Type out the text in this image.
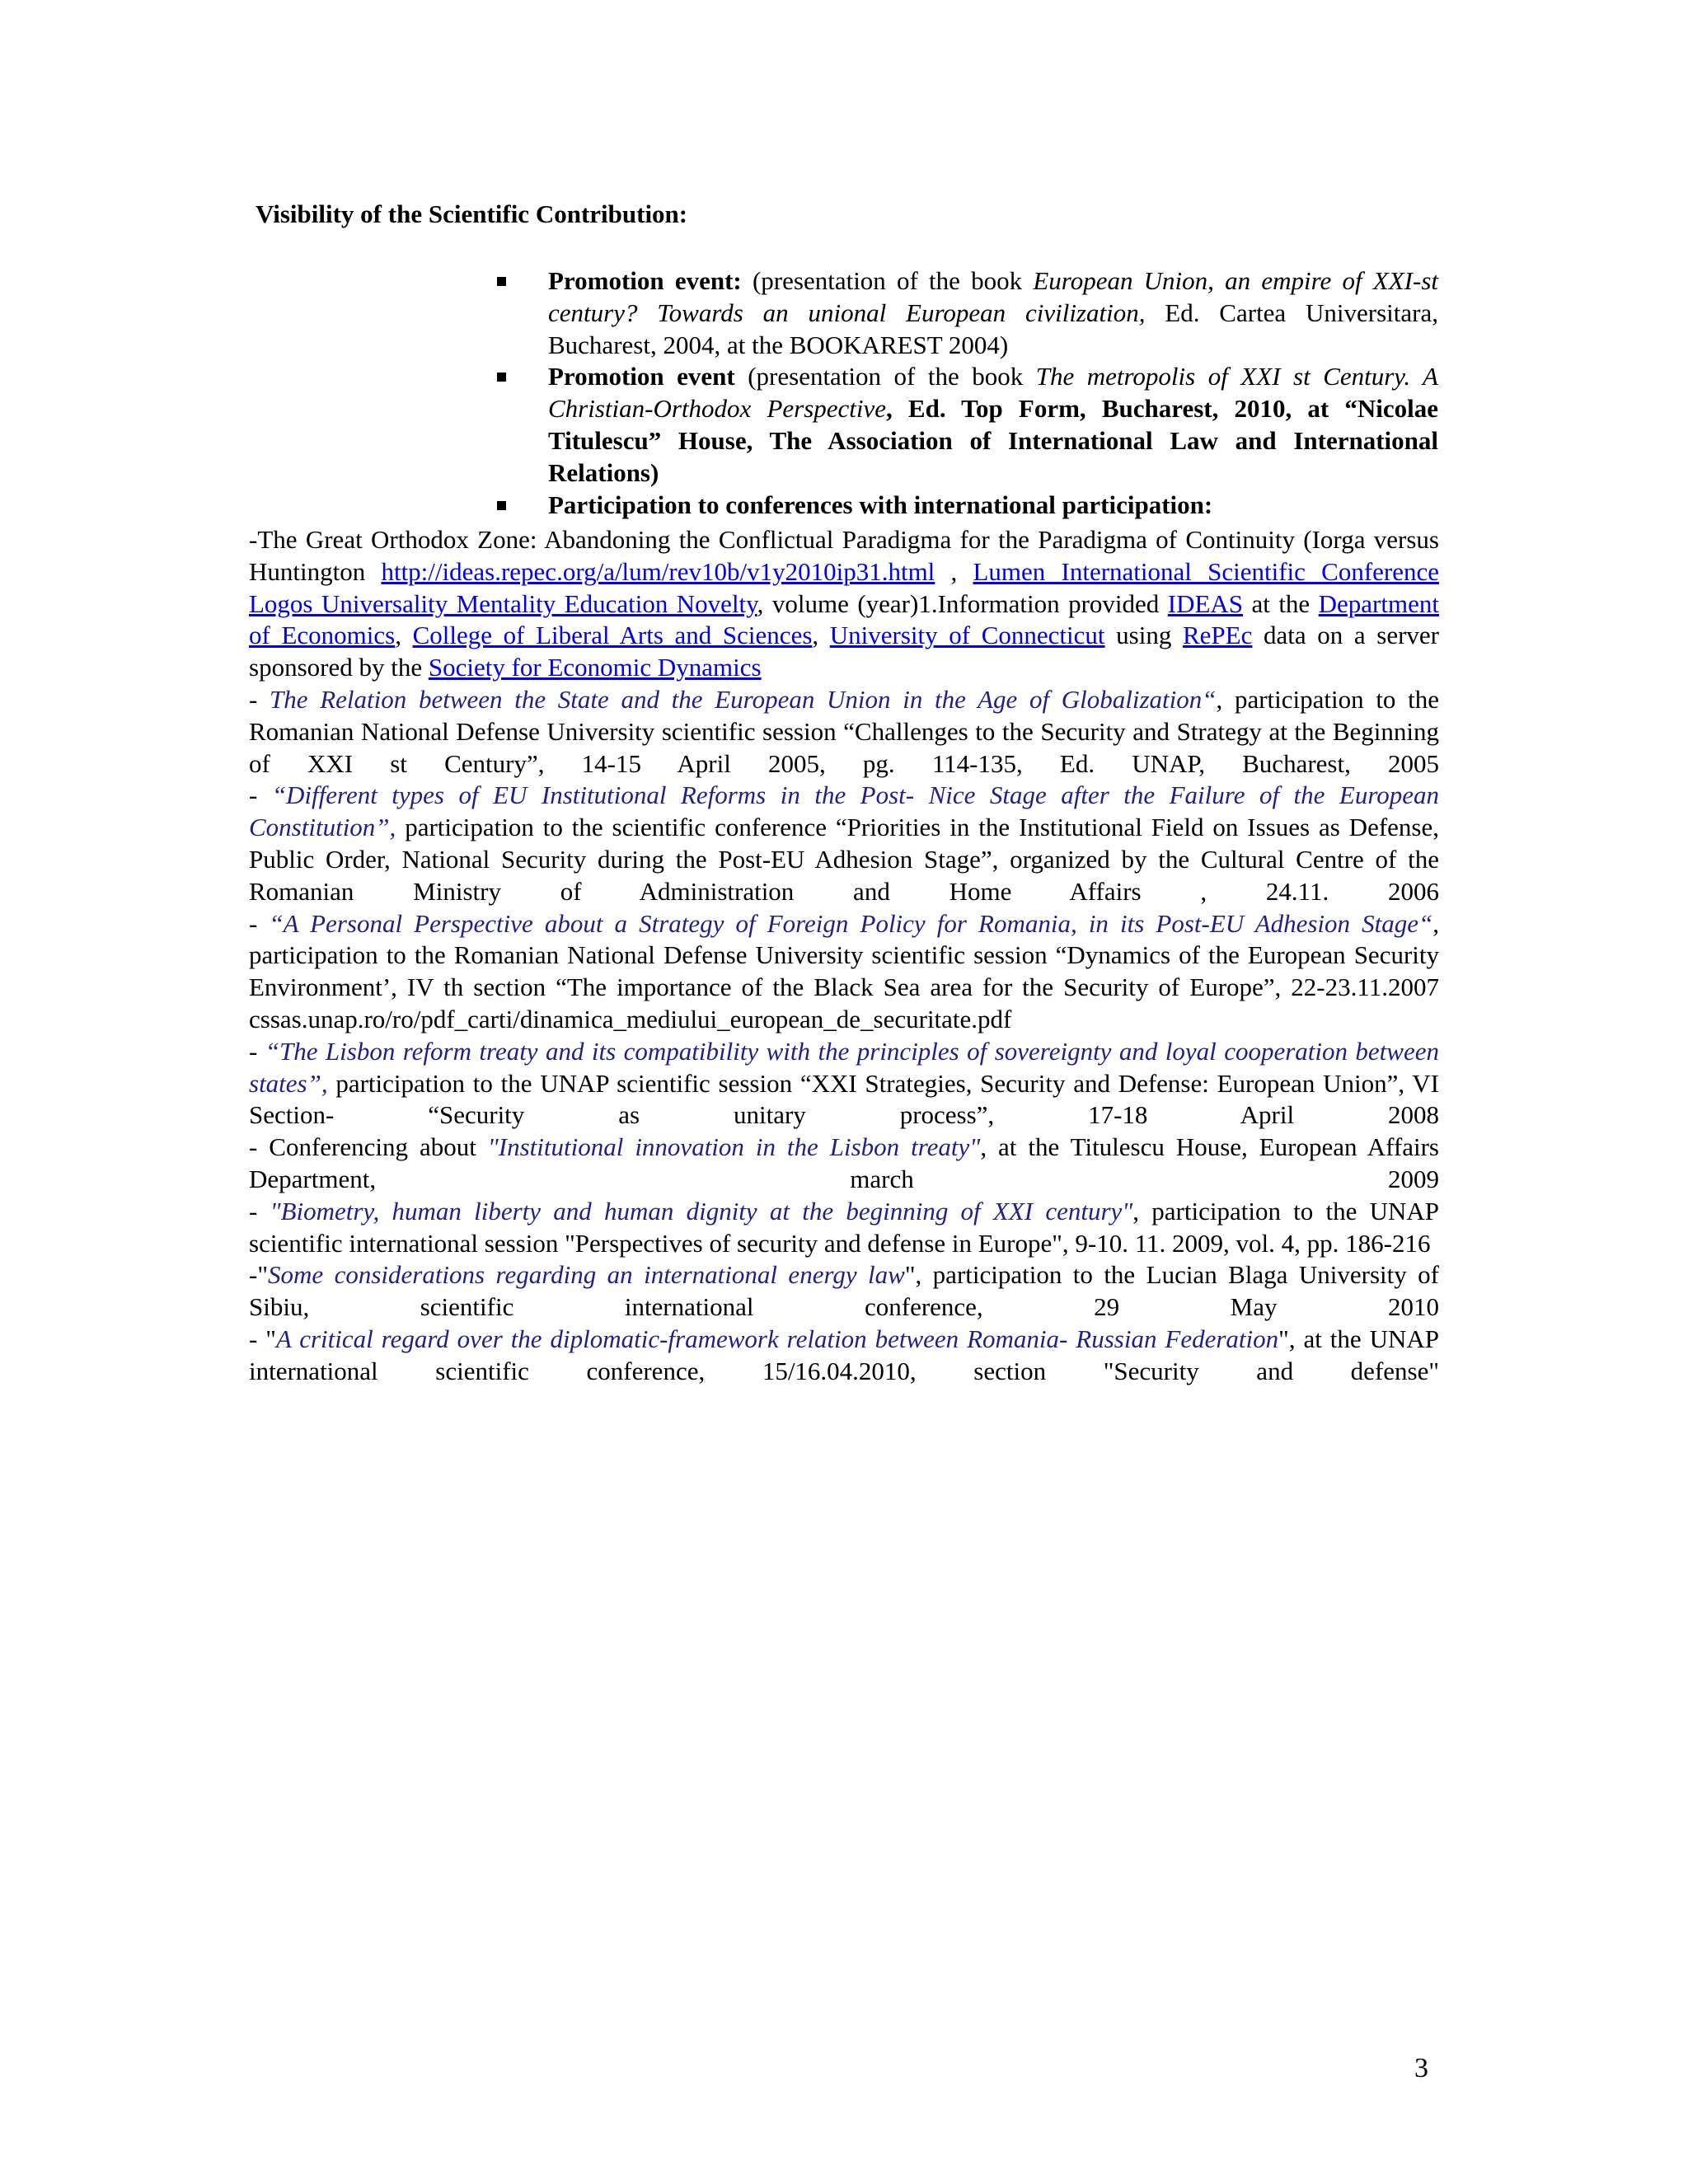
Visibility of the Scientific Contribution:
Promotion event: (presentation of the book European Union, an empire of XXI-st century? Towards an unional European civilization, Ed. Cartea Universitara, Bucharest, 2004, at the BOOKAREST 2004)
Promotion event (presentation of the book The metropolis of XXI st Century. A Christian-Orthodox Perspective, Ed. Top Form, Bucharest, 2010, at “Nicolae Titulescu” House, The Association of International Law and International Relations)
Participation to conferences with international participation:

-The Great Orthodox Zone: Abandoning the Conflictual Paradigma for the Paradigma of Continuity (Iorga versus Huntington http://ideas.repec.org/a/lum/rev10b/v1y2010ip31.html , Lumen International Scientific Conference Logos Universality Mentality Education Novelty, volume (year)1.Information provided IDEAS at the Department of Economics, College of Liberal Arts and Sciences, University of Connecticut using RePEc data on a server sponsored by the Society for Economic Dynamics

- The Relation between the State and the European Union in the Age of Globalization“, participation to the Romanian National Defense University scientific session “Challenges to the Security and Strategy at the Beginning of XXI st Century”, 14-15 April 2005, pg. 114-135, Ed. UNAP, Bucharest, 2005

- “Different types of EU Institutional Reforms in the Post- Nice Stage after the Failure of the European Constitution”, participation to the scientific conference “Priorities in the Institutional Field on Issues as Defense, Public Order, National Security during the Post-EU Adhesion Stage”, organized by the Cultural Centre of the Romanian Ministry of Administration and Home Affairs , 24.11. 2006

- “A Personal Perspective about a Strategy of Foreign Policy for Romania, in its Post-EU Adhesion Stage“, participation to the Romanian National Defense University scientific session “Dynamics of the European Security Environment’, IV th section “The importance of the Black Sea area for the Security of Europe”, 22-23.11.2007 cssas.unap.ro/ro/pdf_carti/dinamica_mediului_european_de_securitate.pdf

- “The Lisbon reform treaty and its compatibility with the principles of sovereignty and loyal cooperation between states”, participation to the UNAP scientific session “XXI Strategies, Security and Defense: European Union”, VI Section- “Security as unitary process”, 17-18 April 2008

- Conferencing about "Institutional innovation in the Lisbon treaty", at the Titulescu House, European Affairs Department, march 2009

- "Biometry, human liberty and human dignity at the beginning of XXI century", participation to the UNAP scientific international session "Perspectives of security and defense in Europe", 9-10. 11. 2009, vol. 4, pp. 186-216

-"Some considerations regarding an international energy law", participation to the Lucian Blaga University of Sibiu, scientific international conference, 29 May 2010

- "A critical regard over the diplomatic-framework relation between Romania- Russian Federation", at the UNAP international scientific conference, 15/16.04.2010, section "Security and defense"

3
